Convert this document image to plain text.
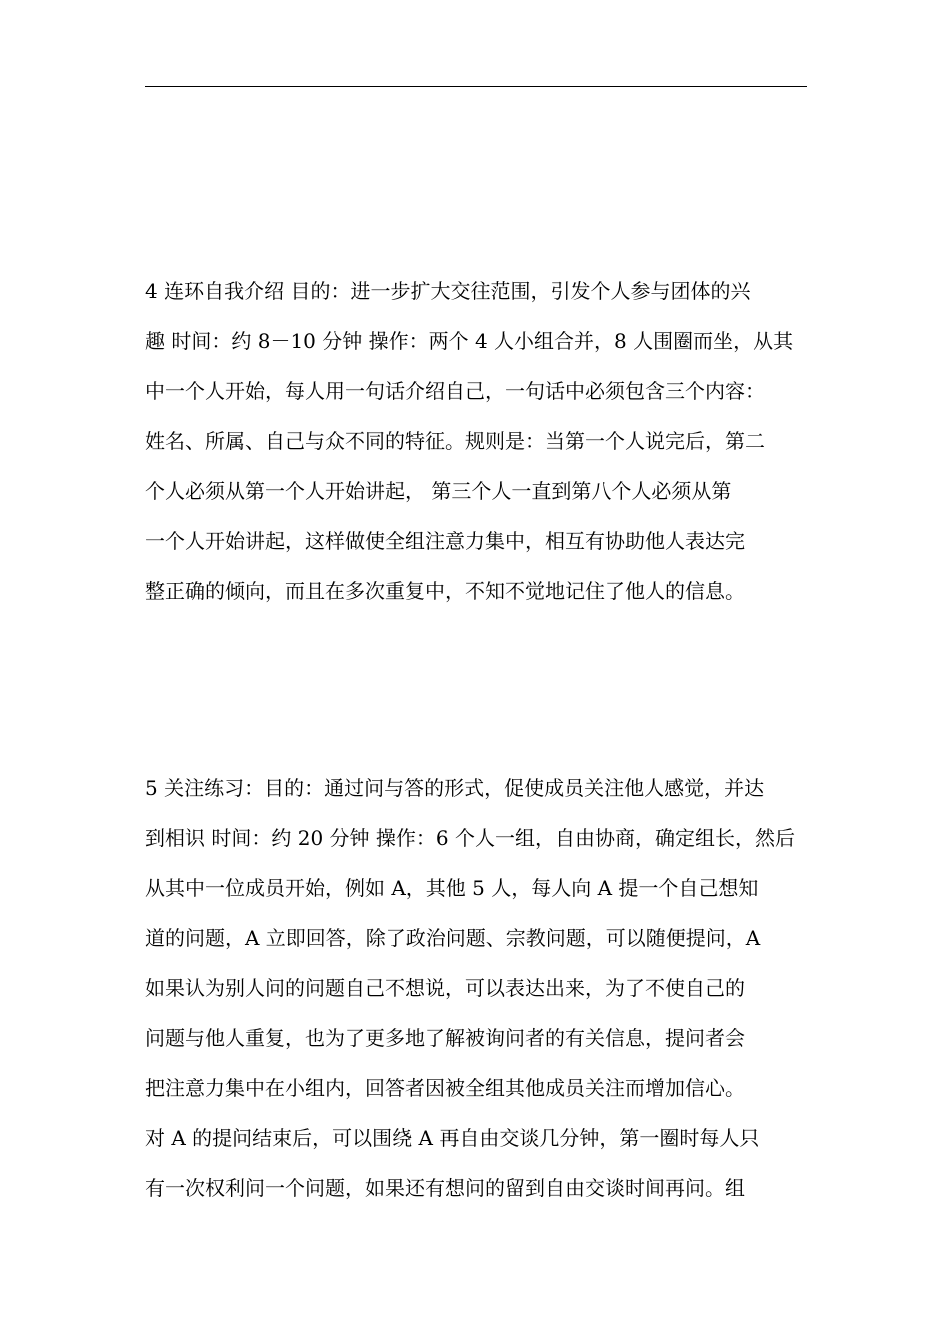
4 连环自我介绍 目的：进一步扩大交往范围，引发个人参与团体的兴
趣 时间：约 8－10 分钟 操作：两个 4 人小组合并，8 人围圈而坐，从其
中一个人开始，每人用一句话介绍自己，一句话中必须包含三个内容：
姓名、所属、自己与众不同的特征。规则是：当第一个人说完后，第二
个人必须从第一个人开始讲起， 第三个人一直到第八个人必须从第
一个人开始讲起，这样做使全组注意力集中，相互有协助他人表达完
整正确的倾向，而且在多次重复中，不知不觉地记住了他人的信息。
5 关注练习：目的：通过问与答的形式，促使成员关注他人感觉，并达
到相识 时间：约 20 分钟 操作：6 个人一组，自由协商，确定组长，然后
从其中一位成员开始，例如 A，其他 5 人，每人向 A 提一个自己想知
道的问题，A 立即回答，除了政治问题、宗教问题，可以随便提问，A
如果认为别人问的问题自己不想说，可以表达出来，为了不使自己的
问题与他人重复，也为了更多地了解被询问者的有关信息，提问者会
把注意力集中在小组内，回答者因被全组其他成员关注而增加信心。
对 A 的提问结束后，可以围绕 A 再自由交谈几分钟，第一圈时每人只
有一次权利问一个问题，如果还有想问的留到自由交谈时间再问。组
